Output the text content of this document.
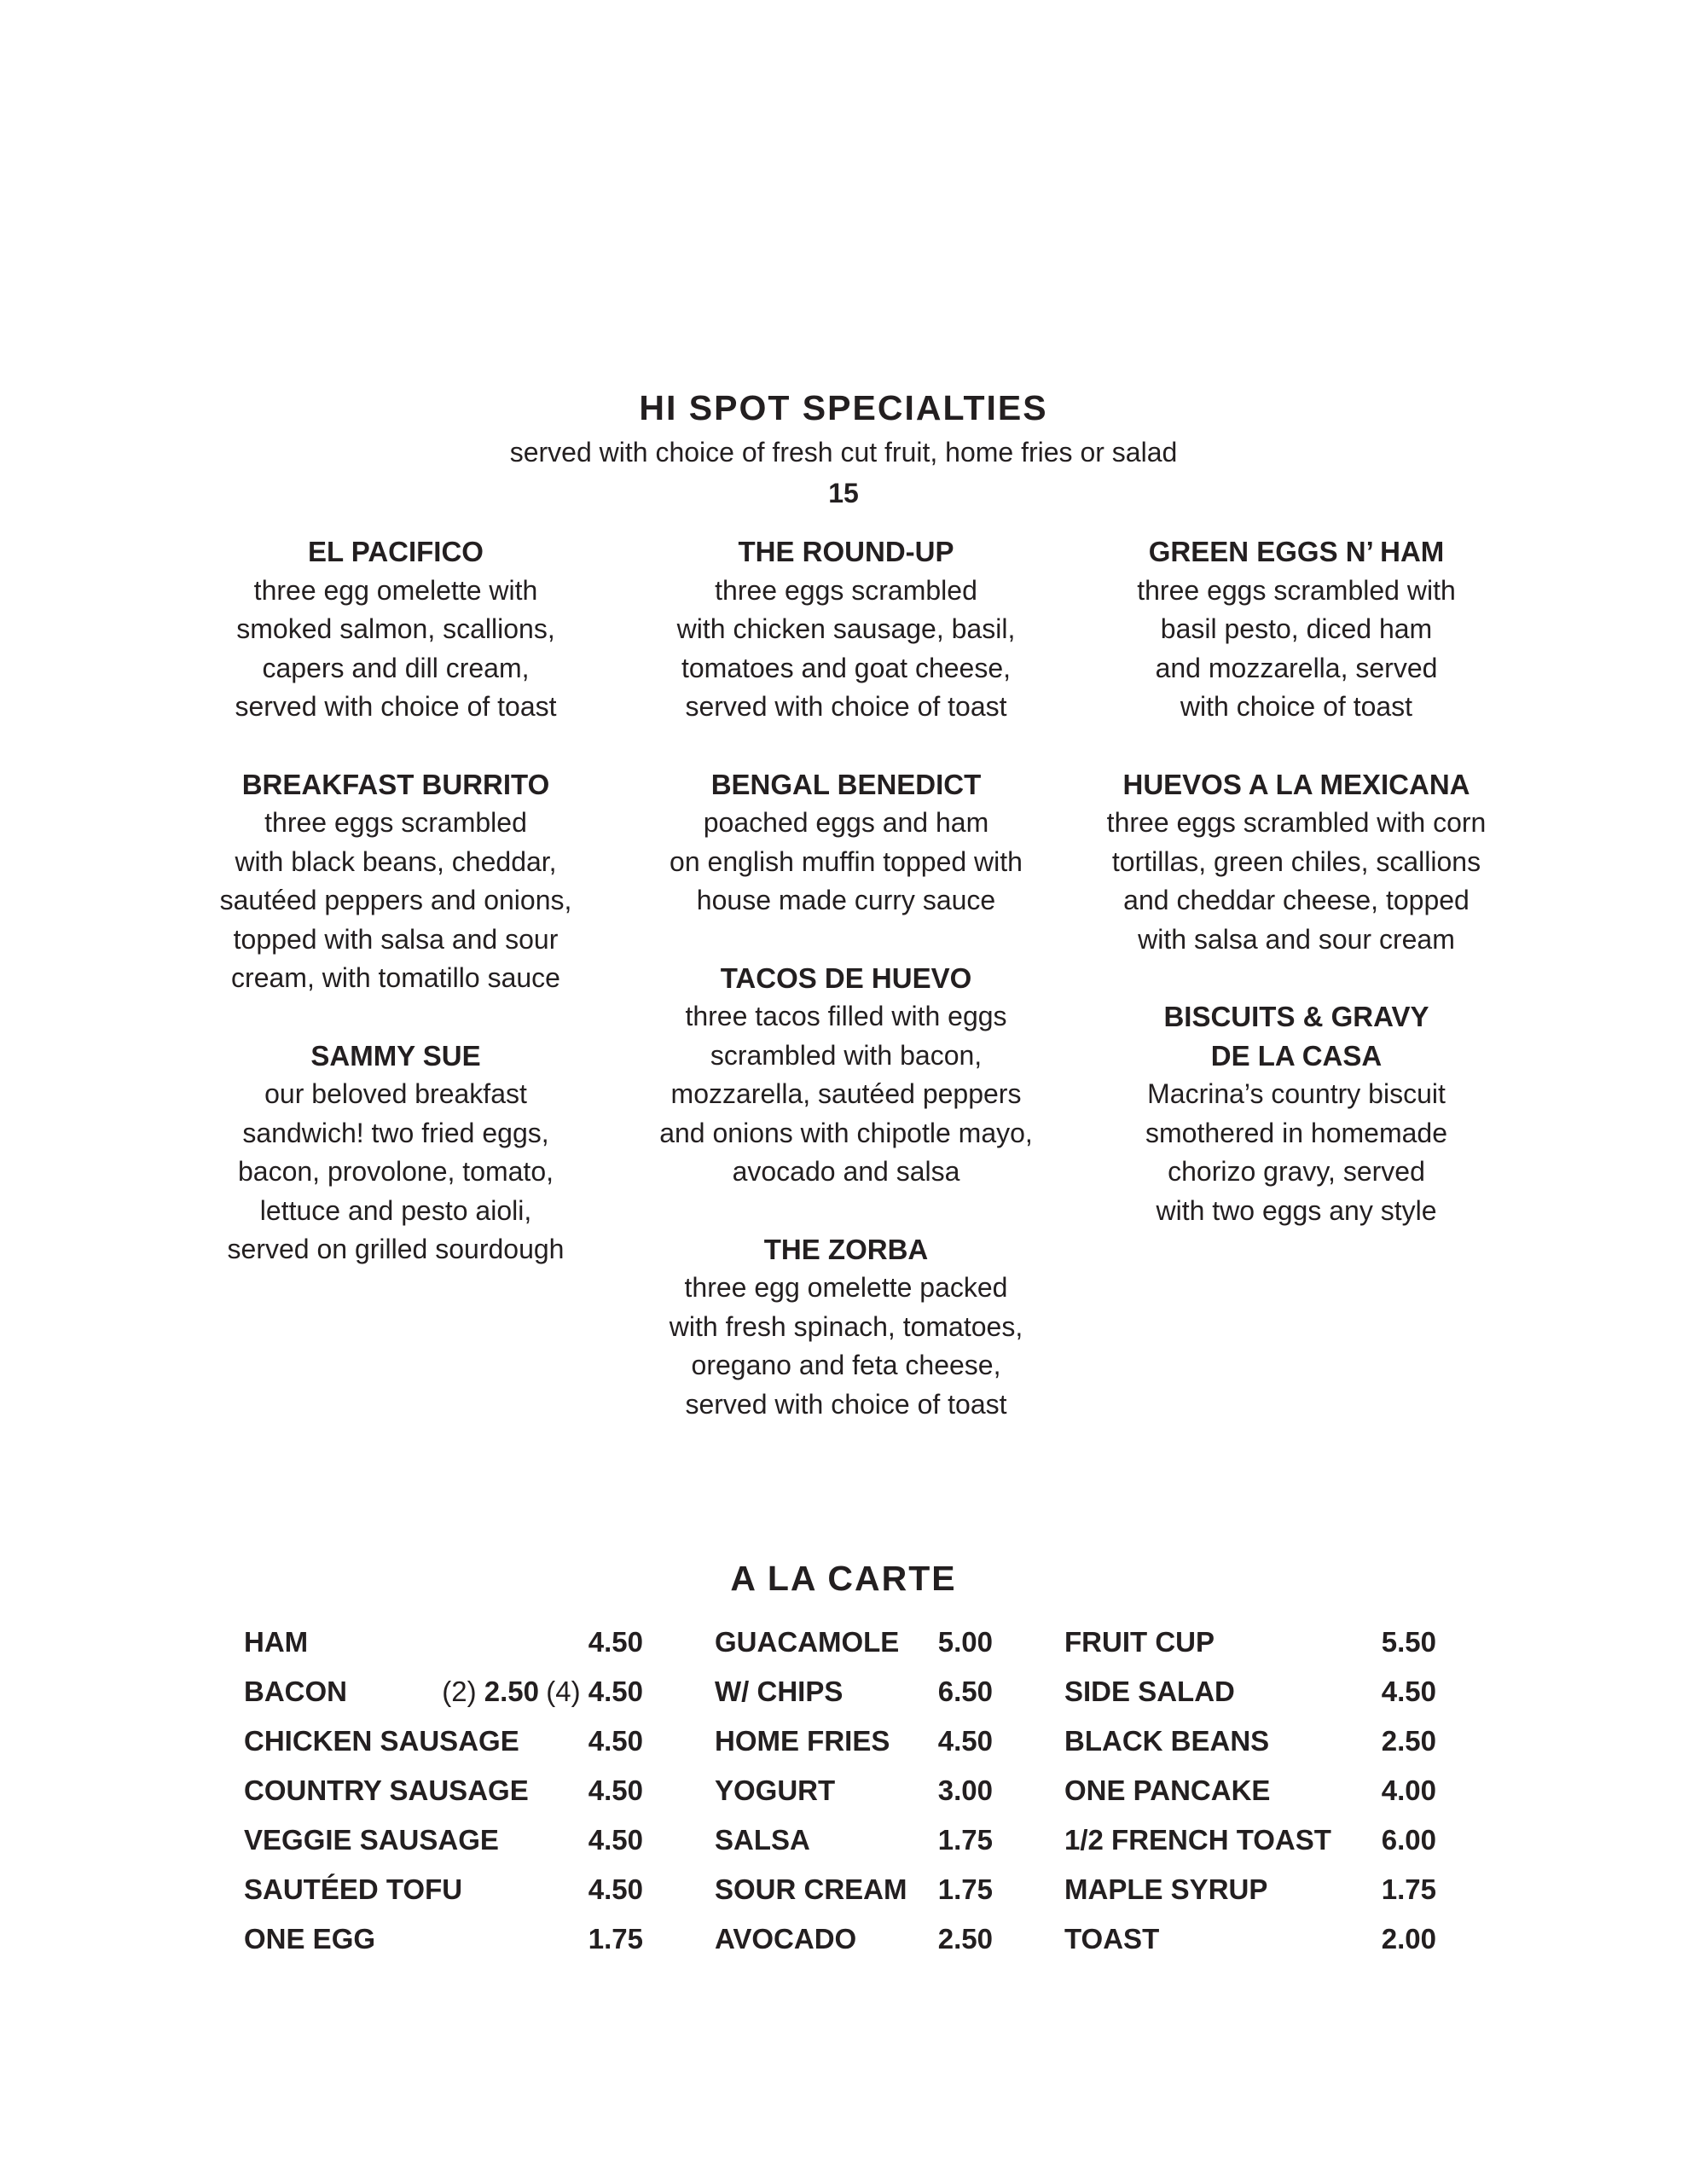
HI SPOT SPECIALTIES
served with choice of fresh cut fruit, home fries or salad
15
EL PACIFICO
three egg omelette with
smoked salmon, scallions,
capers and dill cream,
served with choice of toast
BREAKFAST BURRITO
three eggs scrambled
with black beans, cheddar,
sautéed peppers and onions,
topped with salsa and sour
cream, with tomatillo sauce
SAMMY SUE
our beloved breakfast
sandwich! two fried eggs,
bacon, provolone, tomato,
lettuce and pesto aioli,
served on grilled sourdough
THE ROUND-UP
three eggs scrambled
with chicken sausage, basil,
tomatoes and goat cheese,
served with choice of toast
BENGAL BENEDICT
poached eggs and ham
on english muffin topped with
house made curry sauce
TACOS DE HUEVO
three tacos filled with eggs
scrambled with bacon,
mozzarella, sautéed peppers
and onions with chipotle mayo,
avocado and salsa
THE ZORBA
three egg omelette packed
with fresh spinach, tomatoes,
oregano and feta cheese,
served with choice of toast
GREEN EGGS N’ HAM
three eggs scrambled with
basil pesto, diced ham
and mozzarella, served
with choice of toast
HUEVOS A LA MEXICANA
three eggs scrambled with corn
tortillas, green chiles, scallions
and cheddar cheese, topped
with salsa and sour cream
BISCUITS & GRAVY
DE LA CASA
Macrina’s country biscuit
smothered in homemade
chorizo gravy, served
with two eggs any style
A LA CARTE
HAM	4.50
BACON	(2) 2.50 (4) 4.50
CHICKEN SAUSAGE 4.50
COUNTRY SAUSAGE 4.50
VEGGIE SAUSAGE	4.50
SAUTÉED TOFU	4.50
ONE EGG	1.75
GUACAMOLE 5.00
W/ CHIPS	6.50
HOME FRIES 4.50
YOGURT	3.00
SALSA	1.75
SOUR CREAM 1.75
AVOCADO	2.50
FRUIT CUP	5.50
SIDE SALAD	4.50
BLACK BEANS	2.50
ONE PANCAKE	4.00
1/2 FRENCH TOAST 6.00
MAPLE SYRUP	1.75
TOAST	2.00
